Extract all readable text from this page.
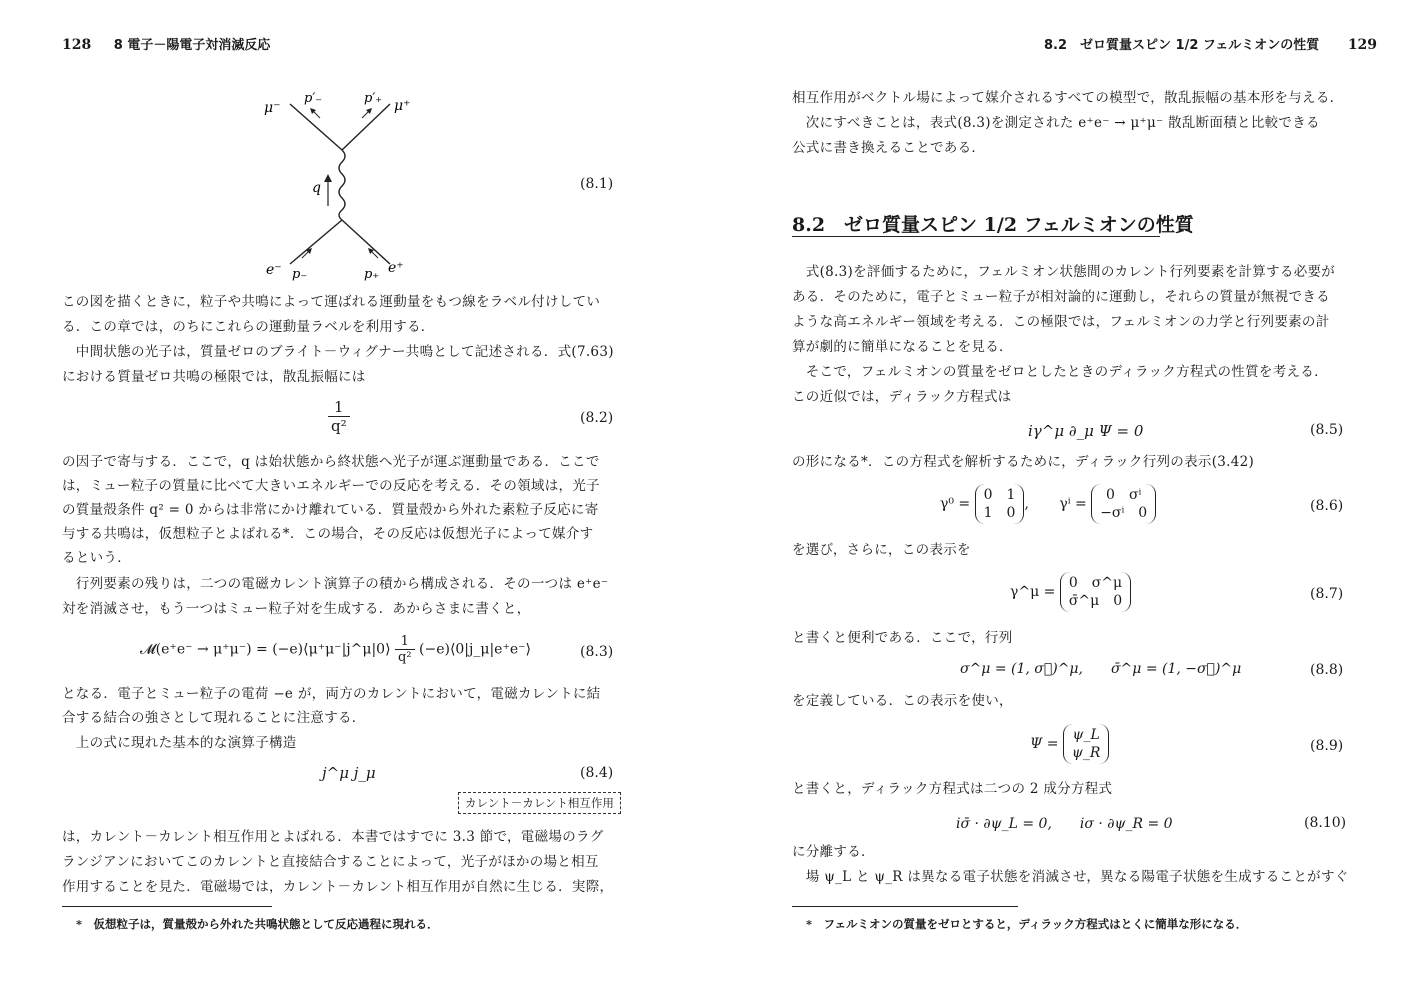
128 8 電子－陽電子対消滅反応
μ⁻
p′₋	p′₊ μ⁺
q
e⁻ p₋	p₊ e⁺
(8.1)
この図を描くときに，粒子や共鳴によって運ばれる運動量をもつ線をラベル付けしてい
る．この章では，のちにこれらの運動量ラベルを利用する．
　中間状態の光子は，質量ゼロのブライト－ウィグナー共鳴として記述される．式(7.63)
における質量ゼロ共鳴の極限では，散乱振幅には
$\frac{1}{\text{q²}}$	(8.2)
の因子で寄与する．ここで，q は始状態から終状態へ光子が運ぶ運動量である．ここで
は，ミュー粒子の質量に比べて大きいエネルギーでの反応を考える．その領域は，光子
の質量殻条件 q² = 0 からは非常にかけ離れている．質量殻から外れた素粒子反応に寄
与する共鳴は，仮想粒子とよばれる*．この場合，その反応は仮想光子によって媒介す
るという．
　行列要素の残りは，二つの電磁カレント演算子の積から構成される．その一つは e⁺e⁻
対を消滅させ，もう一つはミュー粒子対を生成する．あからさまに書くと，
𝓜(e⁺e⁻ → μ⁺μ⁻) = (−e)⟨μ⁺μ⁻|j^μ|0⟩ $\frac{1}{\text{q²}}$ (−e)⟨0|j_μ|e⁺e⁻⟩	(8.3)
となる．電子とミュー粒子の電荷 −e が，両方のカレントにおいて，電磁カレントに結
合する結合の強さとして現れることに注意する．
　上の式に現れた基本的な演算子構造
j^μ j_μ	(8.4)
カレント－カレント相互作用
は，カレント－カレント相互作用とよばれる．本書ではすでに 3.3 節で，電磁場のラグ
ランジアンにおいてこのカレントと直接結合することによって，光子がほかの場と相互
作用することを見た．電磁場では，カレント－カレント相互作用が自然に生じる．実際，
*　仮想粒子は，質量殻から外れた共鳴状態として反応過程に現れる．
8.2　ゼロ質量スピン 1/2 フェルミオンの性質 129
相互作用がベクトル場によって媒介されるすべての模型で，散乱振幅の基本形を与える．
　次にすべきことは，表式(8.3)を測定された e⁺e⁻ → μ⁺μ⁻ 散乱断面積と比較できる
公式に書き換えることである．
8.2　ゼロ質量スピン 1/2 フェルミオンの性質
　式(8.3)を評価するために，フェルミオン状態間のカレント行列要素を計算する必要が
ある．そのために，電子とミュー粒子が相対論的に運動し，それらの質量が無視できる
ような高エネルギー領域を考える．この極限では，フェルミオンの力学と行列要素の計
算が劇的に簡単になることを見る．
　そこで，フェルミオンの質量をゼロとしたときのディラック方程式の性質を考える．
この近似では，ディラック方程式は
iγ^μ ∂_μ Ψ = 0	(8.5)
の形になる*．この方程式を解析するために，ディラック行列の表示(3.42)
γ⁰ =
0　1
1　0
, γⁱ =
0　σⁱ
−σⁱ　0	(8.6)
を選び，さらに，この表示を
γ^μ =
0　σ^μ
σ̄^μ　0	(8.7)
と書くと便利である．ここで，行列
σ^μ = (1, σ⃗)^μ,　　σ̄^μ = (1, −σ⃗)^μ	(8.8)
を定義している．この表示を使い，
Ψ =
ψ_L
ψ_R	(8.9)
と書くと，ディラック方程式は二つの 2 成分方程式
iσ̄ · ∂ψ_L = 0,　　iσ · ∂ψ_R = 0	(8.10)
に分離する．
　場 ψ_L と ψ_R は異なる電子状態を消滅させ，異なる陽電子状態を生成することがすぐ
*　フェルミオンの質量をゼロとすると，ディラック方程式はとくに簡単な形になる．
